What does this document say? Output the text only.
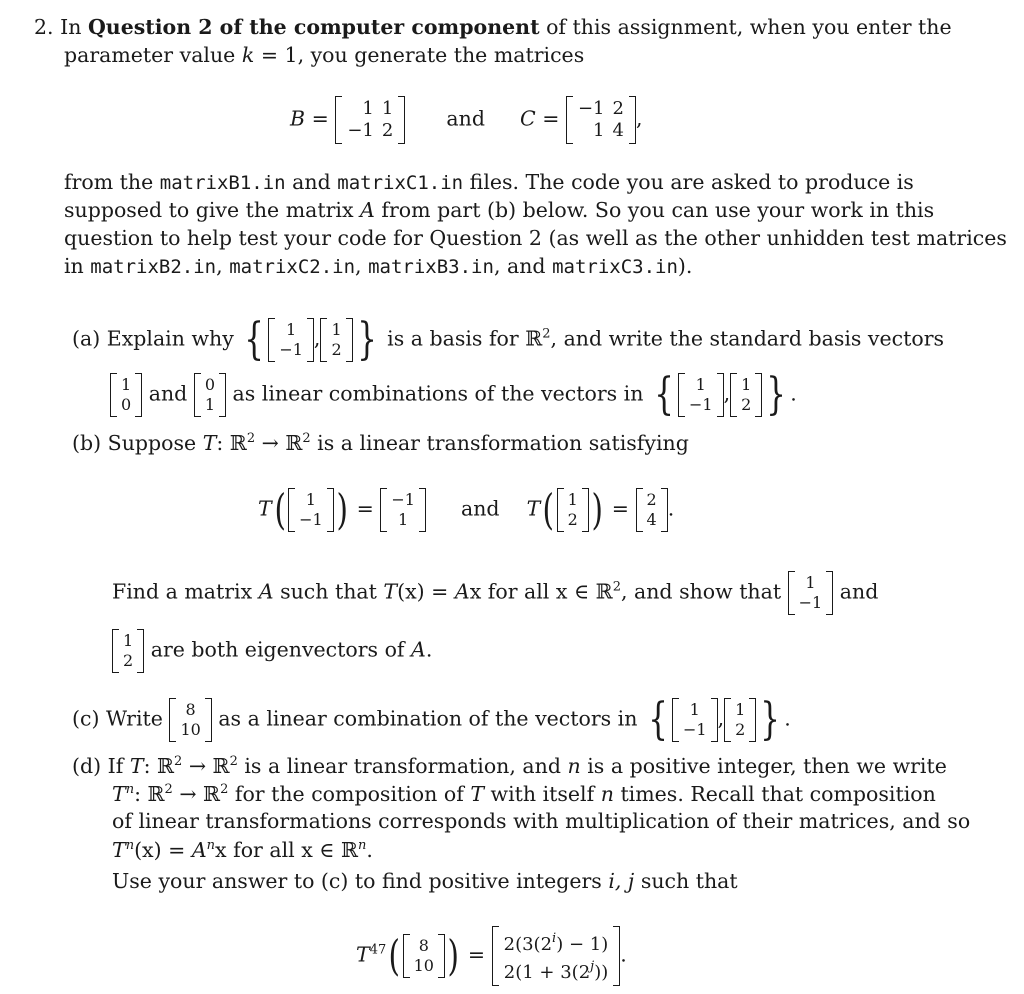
2. In Question 2 of the computer component of this assignment, when you enter the
parameter value k = 1, you generate the matrices
B = 1	1
−1	2	and C = −1	2
1	4 ,
from the matrixB1.in and matrixC1.in files. The code you are asked to produce is
supposed to give the matrix A from part (b) below. So you can use your work in this
question to help test your code for Question 2 (as well as the other unhidden test matrices
in matrixB2.in, matrixC2.in, matrixB3.in, and matrixC3.in).
(a) Explain why { 1
−1 , 1
2 } is a basis for ℝ$^2$, and write the standard basis vectors
1
0 and 0
1 as linear combinations of the vectors in { 1
−1 , 1
2 } .
(b) Suppose T: ℝ$^2$ → ℝ$^2$ is a linear transformation satisfying
T( 1
−1 ) = −1
1	and T( 1
2 ) = 2
4 .
Find a matrix A such that T(x) = Ax for all x ∈ ℝ$^2$, and show that 1
−1 and
1
2 are both eigenvectors of A.
(c) Write 8
10 as a linear combination of the vectors in { 1
−1 , 1
2 } .
(d) If T: ℝ$^2$ → ℝ$^2$ is a linear transformation, and n is a positive integer, then we write
$T^n$: ℝ$^2$ → ℝ$^2$ for the composition of T with itself n times. Recall that composition
of linear transformations corresponds with multiplication of their matrices, and so
$T^n(x) = A^nx$ for all x ∈ ℝ$^n$.
Use your answer to (c) to find positive integers i, j such that
$T^{47}$( 8
10 ) = $2(3(2^i) - 1)$
$2(1 + 3(2^j))$
.
